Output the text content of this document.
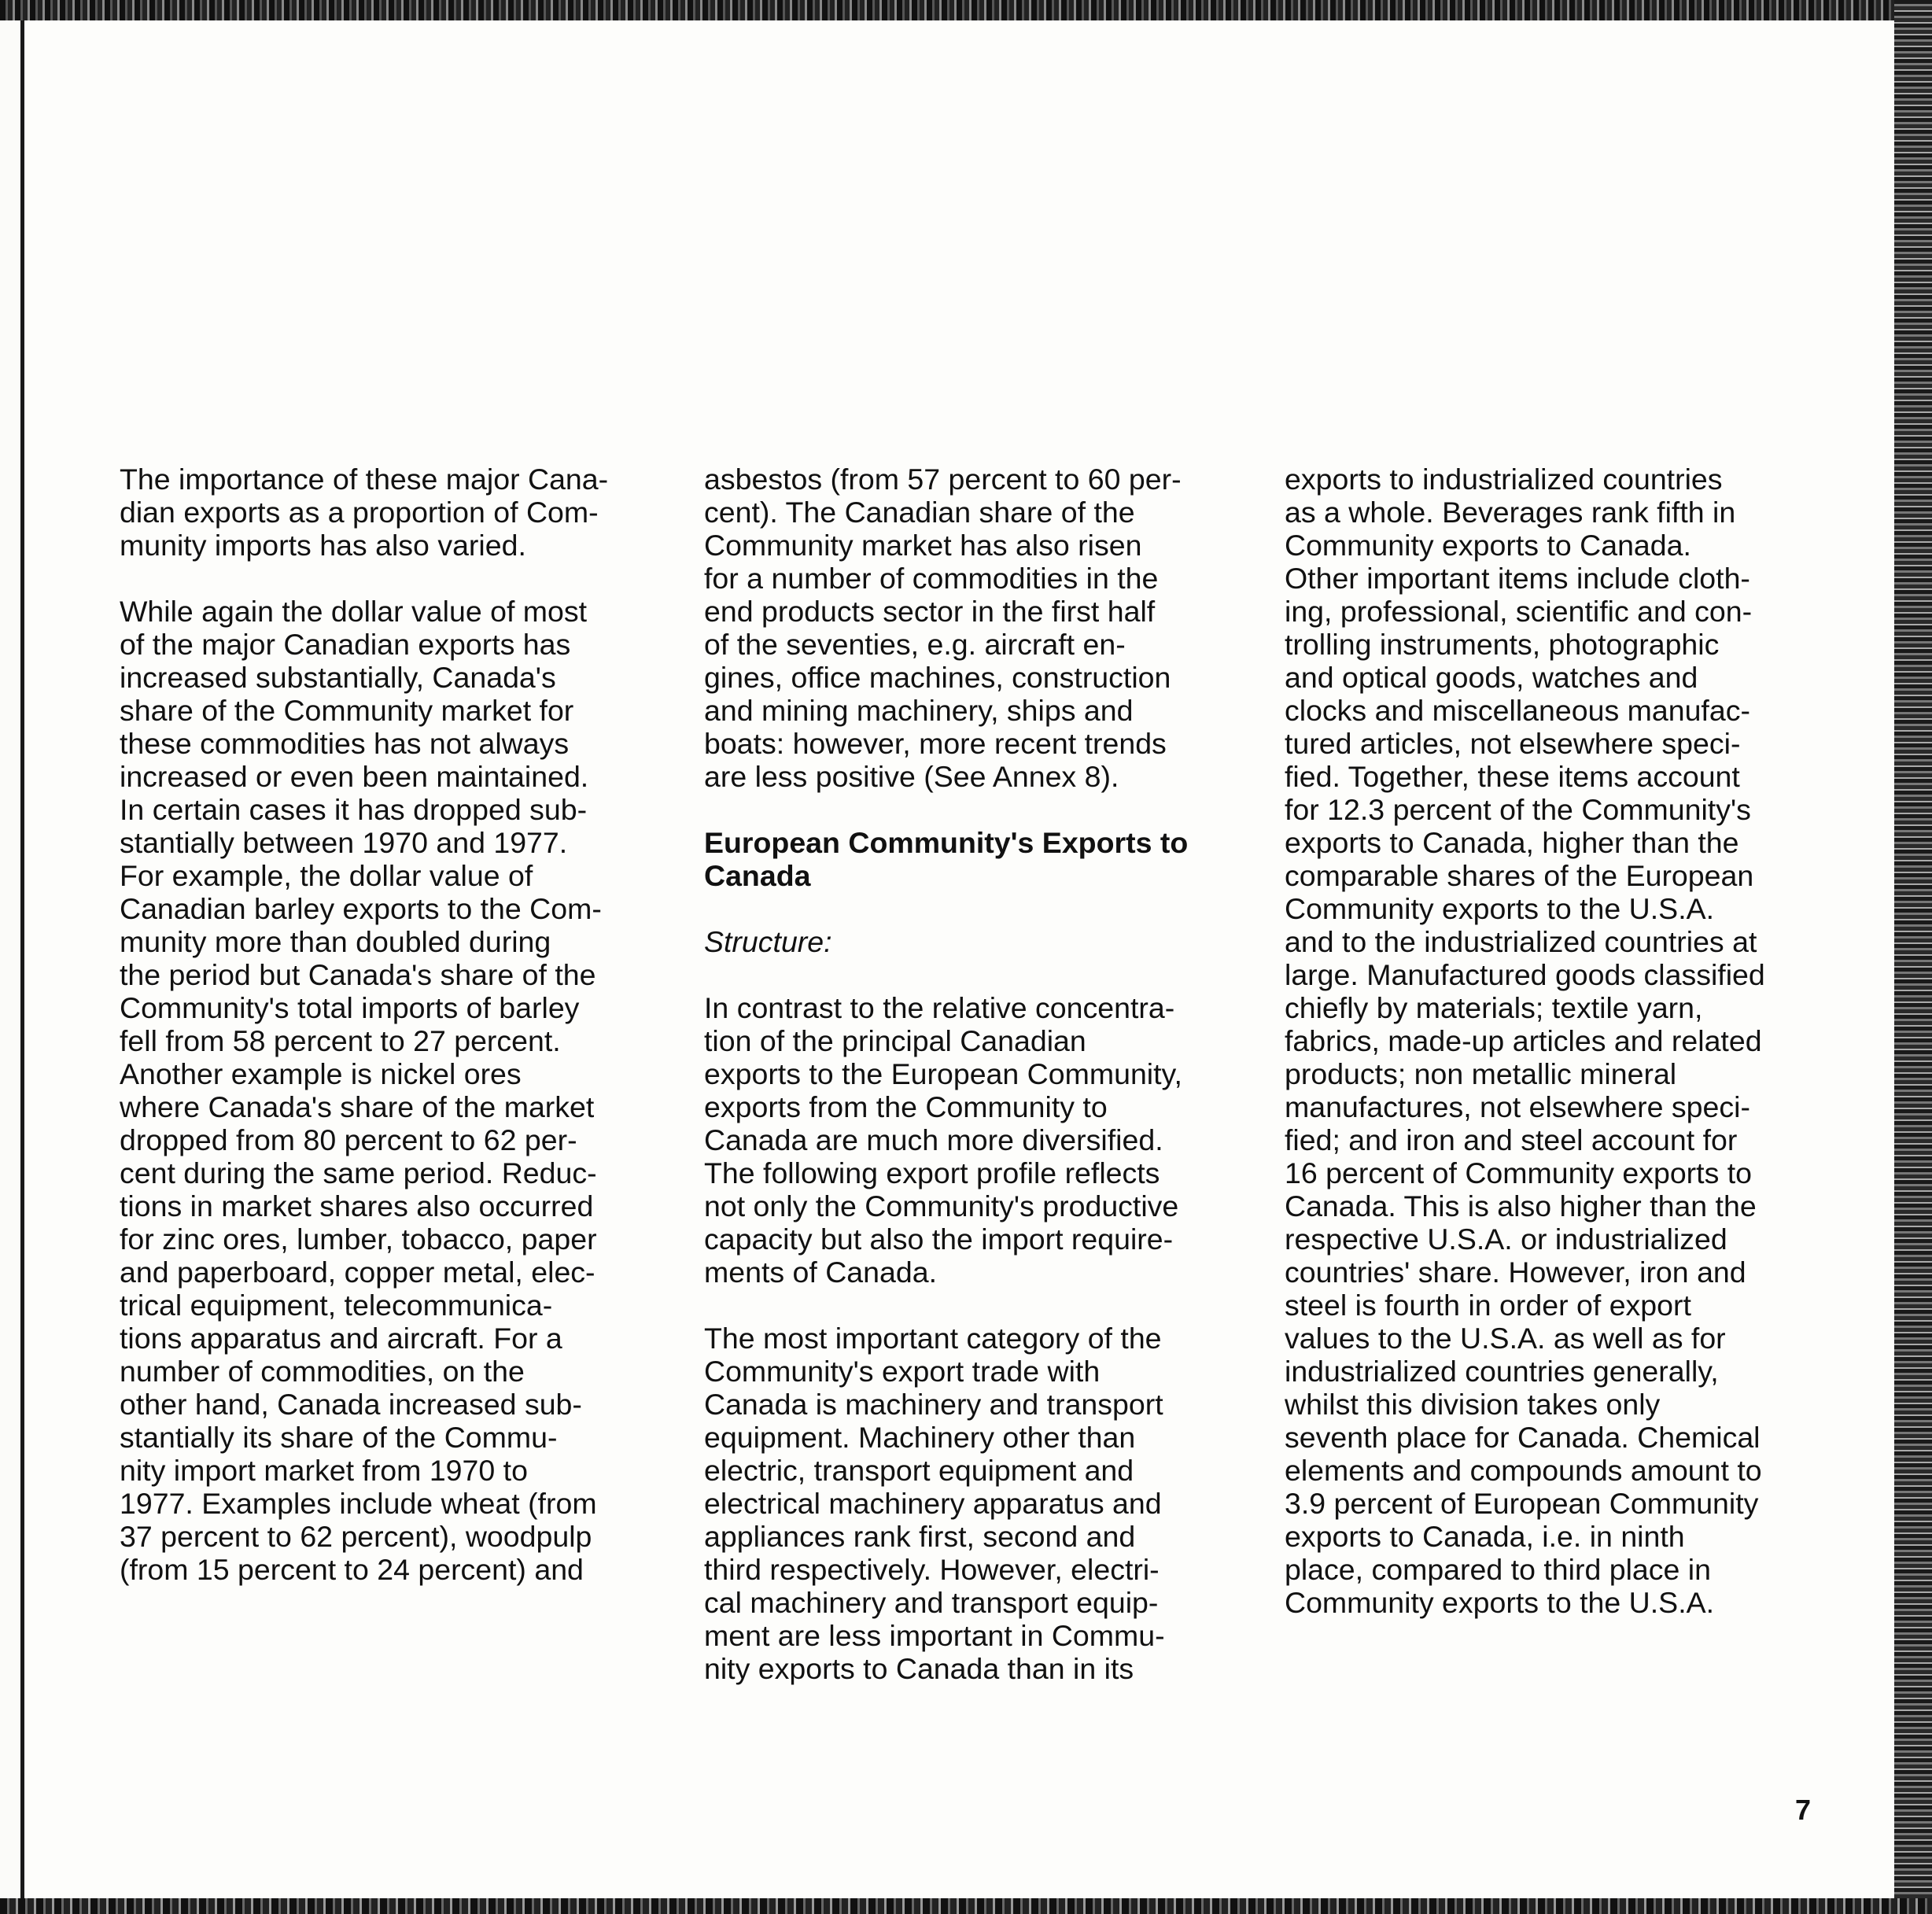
The importance of these major Cana-
dian exports as a proportion of Com-
munity imports has also varied.

While again the dollar value of most
of the major Canadian exports has
increased substantially, Canada's
share of the Community market for
these commodities has not always
increased or even been maintained.
In certain cases it has dropped sub-
stantially between 1970 and 1977.
For example, the dollar value of
Canadian barley exports to the Com-
munity more than doubled during
the period but Canada's share of the
Community's total imports of barley
fell from 58 percent to 27 percent.
Another example is nickel ores
where Canada's share of the market
dropped from 80 percent to 62 per-
cent during the same period. Reduc-
tions in market shares also occurred
for zinc ores, lumber, tobacco, paper
and paperboard, copper metal, elec-
trical equipment, telecommunica-
tions apparatus and aircraft. For a
number of commodities, on the
other hand, Canada increased sub-
stantially its share of the Commu-
nity import market from 1970 to
1977. Examples include wheat (from
37 percent to 62 percent), woodpulp
(from 15 percent to 24 percent) and

asbestos (from 57 percent to 60 per-
cent). The Canadian share of the
Community market has also risen
for a number of commodities in the
end products sector in the first half
of the seventies, e.g. aircraft en-
gines, office machines, construction
and mining machinery, ships and
boats: however, more recent trends
are less positive (See Annex 8).

European Community's Exports to
Canada

Structure:

In contrast to the relative concentra-
tion of the principal Canadian
exports to the European Community,
exports from the Community to
Canada are much more diversified.
The following export profile reflects
not only the Community's productive
capacity but also the import require-
ments of Canada.

The most important category of the
Community's export trade with
Canada is machinery and transport
equipment. Machinery other than
electric, transport equipment and
electrical machinery apparatus and
appliances rank first, second and
third respectively. However, electri-
cal machinery and transport equip-
ment are less important in Commu-
nity exports to Canada than in its

exports to industrialized countries
as a whole. Beverages rank fifth in
Community exports to Canada.
Other important items include cloth-
ing, professional, scientific and con-
trolling instruments, photographic
and optical goods, watches and
clocks and miscellaneous manufac-
tured articles, not elsewhere speci-
fied. Together, these items account
for 12.3 percent of the Community's
exports to Canada, higher than the
comparable shares of the European
Community exports to the U.S.A.
and to the industrialized countries at
large. Manufactured goods classified
chiefly by materials; textile yarn,
fabrics, made-up articles and related
products; non metallic mineral
manufactures, not elsewhere speci-
fied; and iron and steel account for
16 percent of Community exports to
Canada. This is also higher than the
respective U.S.A. or industrialized
countries' share. However, iron and
steel is fourth in order of export
values to the U.S.A. as well as for
industrialized countries generally,
whilst this division takes only
seventh place for Canada. Chemical
elements and compounds amount to
3.9 percent of European Community
exports to Canada, i.e. in ninth
place, compared to third place in
Community exports to the U.S.A.

7
